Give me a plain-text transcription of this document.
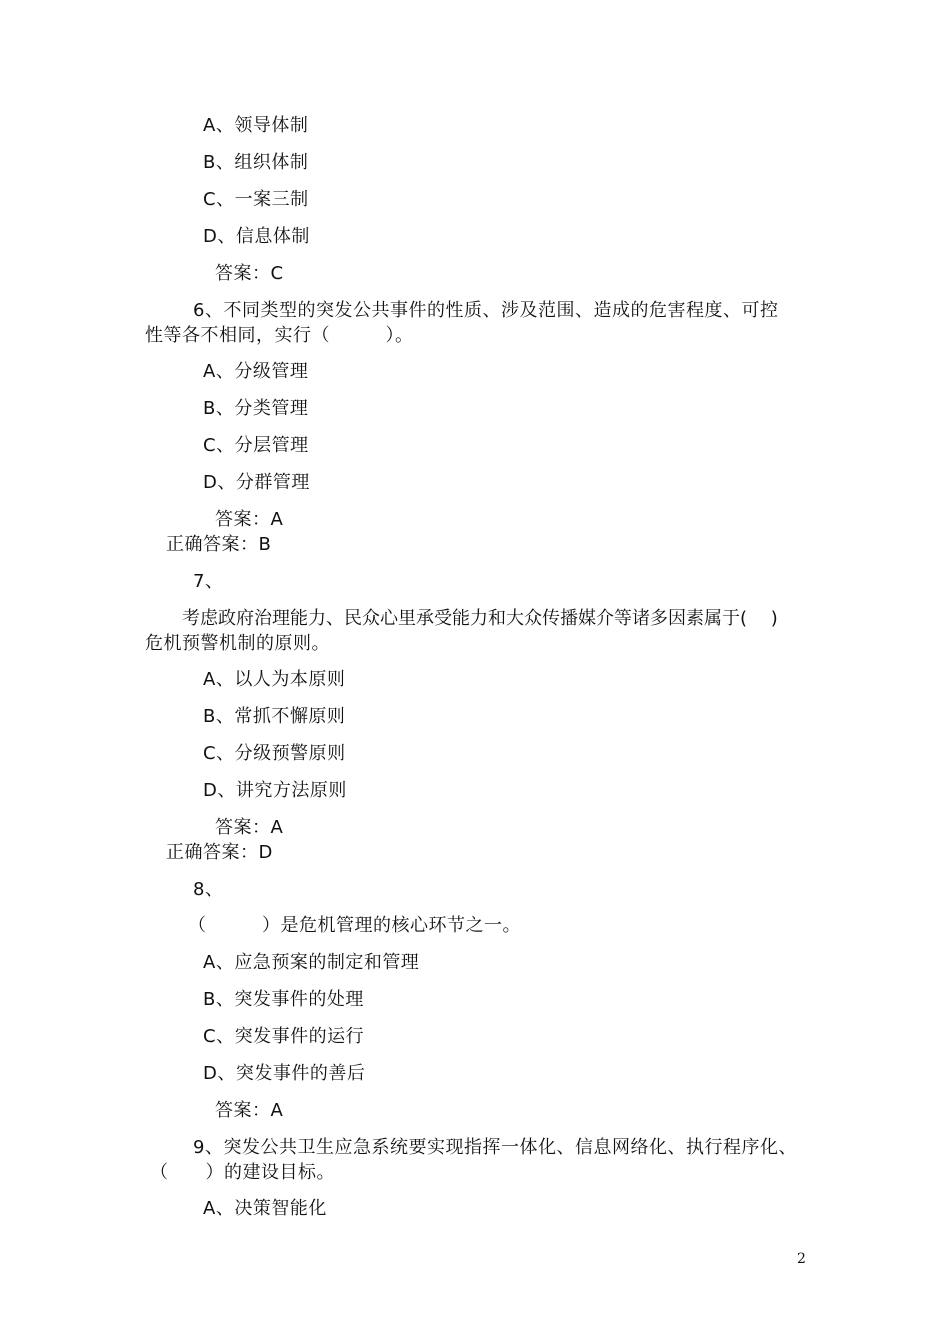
A、领导体制
B、组织体制
C、一案三制
D、信息体制
答案：C
6、不同类型的突发公共事件的性质、涉及范围、造成的危害程度、可控
性等各不相同，实行（　　　）。
A、分级管理
B、分类管理
C、分层管理
D、分群管理
答案：A
正确答案：B
7、
考虑政府治理能力、民众心里承受能力和大众传播媒介等诸多因素属于(　 )
危机预警机制的原则。
A、以人为本原则
B、常抓不懈原则
C、分级预警原则
D、讲究方法原则
答案：A
正确答案：D
8、
（　　　）是危机管理的核心环节之一。
A、应急预案的制定和管理
B、突发事件的处理
C、突发事件的运行
D、突发事件的善后
答案：A
9、突发公共卫生应急系统要实现指挥一体化、信息网络化、执行程序化、
（　　）的建设目标。
A、决策智能化
2
